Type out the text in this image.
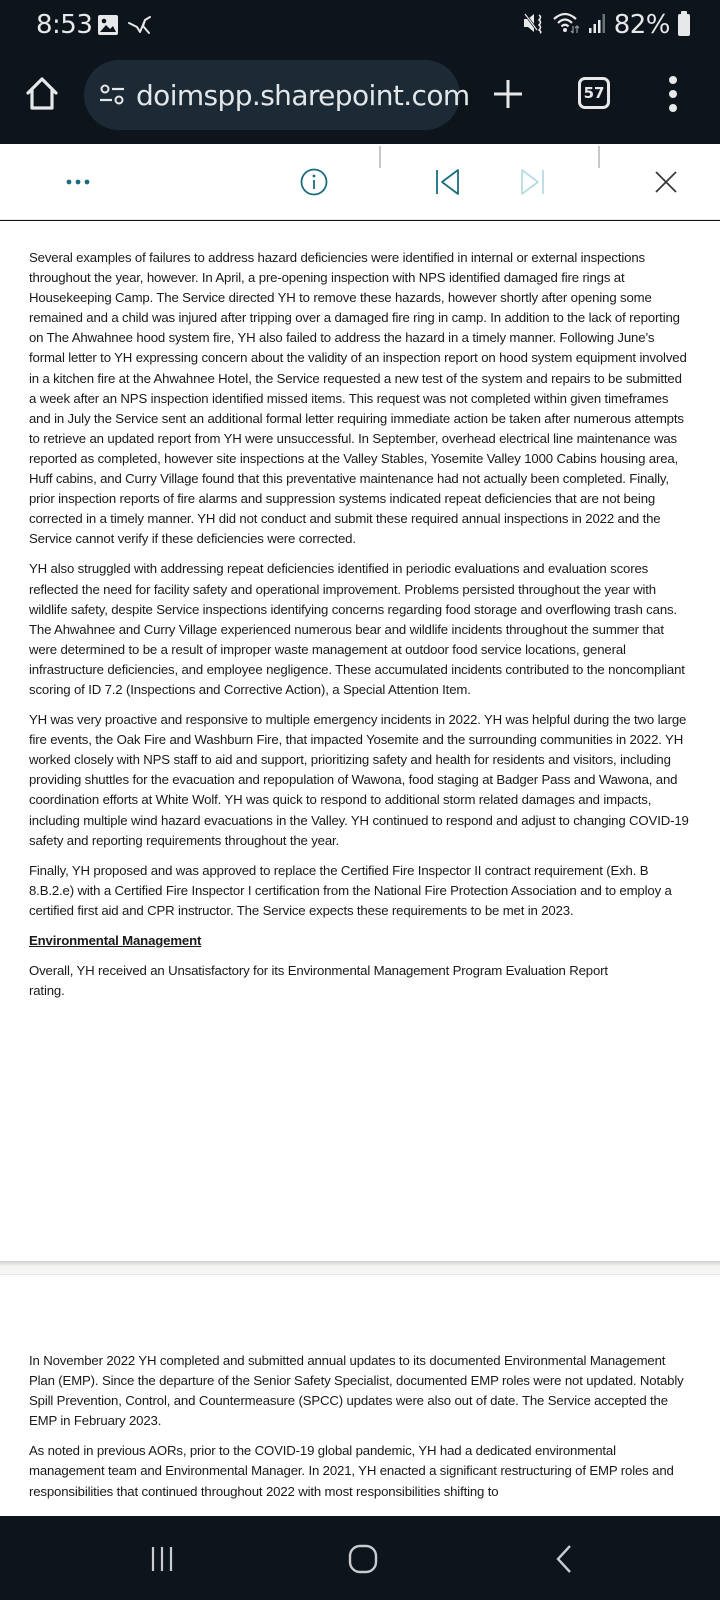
8:53	82%
doimspp.sharepoint.com	57

Several examples of failures to address hazard deficiencies were identified in internal or external inspections throughout the year, however. In April, a pre-opening inspection with NPS identified damaged fire rings at Housekeeping Camp. The Service directed YH to remove these hazards, however shortly after opening some remained and a child was injured after tripping over a damaged fire ring in camp. In addition to the lack of reporting on The Ahwahnee hood system fire, YH also failed to address the hazard in a timely manner. Following June’s formal letter to YH expressing concern about the validity of an inspection report on hood system equipment involved in a kitchen fire at the Ahwahnee Hotel, the Service requested a new test of the system and repairs to be submitted a week after an NPS inspection identified missed items. This request was not completed within given timeframes and in July the Service sent an additional formal letter requiring immediate action be taken after numerous attempts to retrieve an updated report from YH were unsuccessful. In September, overhead electrical line maintenance was reported as completed, however site inspections at the Valley Stables, Yosemite Valley 1000 Cabins housing area, Huff cabins, and Curry Village found that this preventative maintenance had not actually been completed. Finally, prior inspection reports of fire alarms and suppression systems indicated repeat deficiencies that are not being corrected in a timely manner. YH did not conduct and submit these required annual inspections in 2022 and the Service cannot verify if these deficiencies were corrected.

YH also struggled with addressing repeat deficiencies identified in periodic evaluations and evaluation scores reflected the need for facility safety and operational improvement. Problems persisted throughout the year with wildlife safety, despite Service inspections identifying concerns regarding food storage and overflowing trash cans. The Ahwahnee and Curry Village experienced numerous bear and wildlife incidents throughout the summer that were determined to be a result of improper waste management at outdoor food service locations, general infrastructure deficiencies, and employee negligence. These accumulated incidents contributed to the noncompliant scoring of ID 7.2 (Inspections and Corrective Action), a Special Attention Item.

YH was very proactive and responsive to multiple emergency incidents in 2022. YH was helpful during the two large fire events, the Oak Fire and Washburn Fire, that impacted Yosemite and the surrounding communities in 2022. YH worked closely with NPS staff to aid and support, prioritizing safety and health for residents and visitors, including providing shuttles for the evacuation and repopulation of Wawona, food staging at Badger Pass and Wawona, and coordination efforts at White Wolf. YH was quick to respond to additional storm related damages and impacts, including multiple wind hazard evacuations in the Valley. YH continued to respond and adjust to changing COVID-19 safety and reporting requirements throughout the year.

Finally, YH proposed and was approved to replace the Certified Fire Inspector II contract requirement (Exh. B 8.B.2.e) with a Certified Fire Inspector I certification from the National Fire Protection Association and to employ a certified first aid and CPR instructor. The Service expects these requirements to be met in 2023.

Environmental Management

Overall, YH received an Unsatisfactory for its Environmental Management Program Evaluation Report rating.

In November 2022 YH completed and submitted annual updates to its documented Environmental Management Plan (EMP). Since the departure of the Senior Safety Specialist, documented EMP roles were not updated. Notably Spill Prevention, Control, and Countermeasure (SPCC) updates were also out of date. The Service accepted the EMP in February 2023.

As noted in previous AORs, prior to the COVID-19 global pandemic, YH had a dedicated environmental management team and Environmental Manager. In 2021, YH enacted a significant restructuring of EMP roles and responsibilities that continued throughout 2022 with most responsibilities shifting to
